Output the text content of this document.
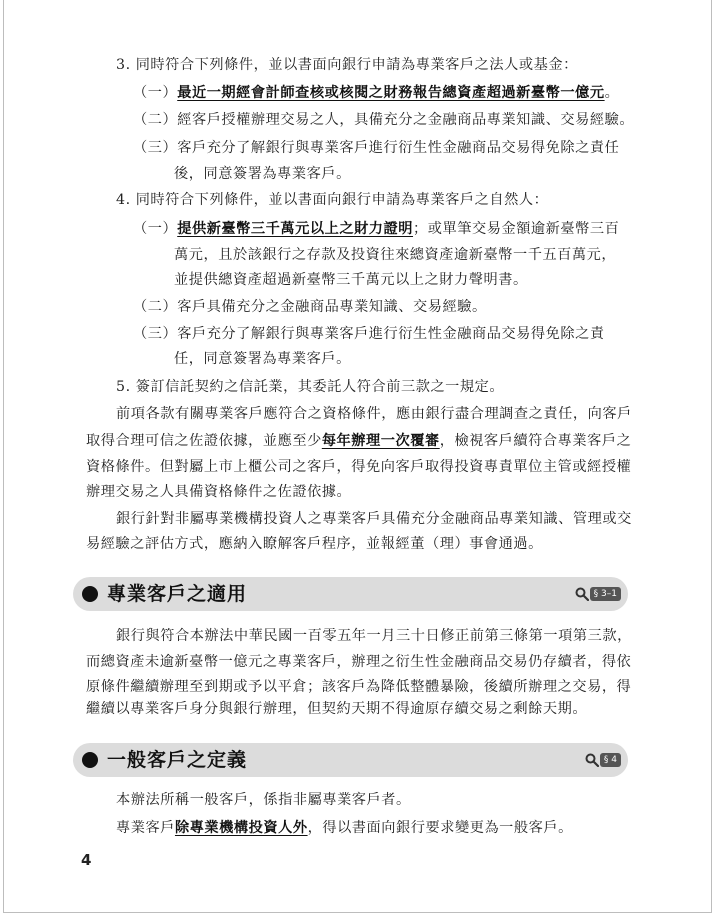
3. 同時符合下列條件，並以書面向銀行申請為專業客戶之法人或基金：
（一）最近一期經會計師查核或核閱之財務報告總資產超過新臺幣一億元。
（二）經客戶授權辦理交易之人，具備充分之金融商品專業知識、交易經驗。
（三）客戶充分了解銀行與專業客戶進行衍生性金融商品交易得免除之責任
後，同意簽署為專業客戶。
4. 同時符合下列條件，並以書面向銀行申請為專業客戶之自然人：
（一）提供新臺幣三千萬元以上之財力證明；或單筆交易金額逾新臺幣三百
萬元，且於該銀行之存款及投資往來總資產逾新臺幣一千五百萬元，
並提供總資產超過新臺幣三千萬元以上之財力聲明書。
（二）客戶具備充分之金融商品專業知識、交易經驗。
（三）客戶充分了解銀行與專業客戶進行衍生性金融商品交易得免除之責
任，同意簽署為專業客戶。
5. 簽訂信託契約之信託業，其委託人符合前三款之一規定。
前項各款有關專業客戶應符合之資格條件，應由銀行盡合理調查之責任，向客戶
取得合理可信之佐證依據，並應至少每年辦理一次覆審，檢視客戶續符合專業客戶之
資格條件。但對屬上市上櫃公司之客戶，得免向客戶取得投資專責單位主管或經授權
辦理交易之人具備資格條件之佐證依據。
銀行針對非屬專業機構投資人之專業客戶具備充分金融商品專業知識、管理或交
易經驗之評估方式，應納入瞭解客戶程序，並報經董（理）事會通過。
專業客戶之適用	§ 3–1
銀行與符合本辦法中華民國一百零五年一月三十日修正前第三條第一項第三款，
而總資產未逾新臺幣一億元之專業客戶，辦理之衍生性金融商品交易仍存續者，得依
原條件繼續辦理至到期或予以平倉；該客戶為降低整體暴險，後續所辦理之交易，得
繼續以專業客戶身分與銀行辦理，但契約天期不得逾原存續交易之剩餘天期。
一般客戶之定義	§ 4
本辦法所稱一般客戶，係指非屬專業客戶者。
專業客戶除專業機構投資人外，得以書面向銀行要求變更為一般客戶。
4
